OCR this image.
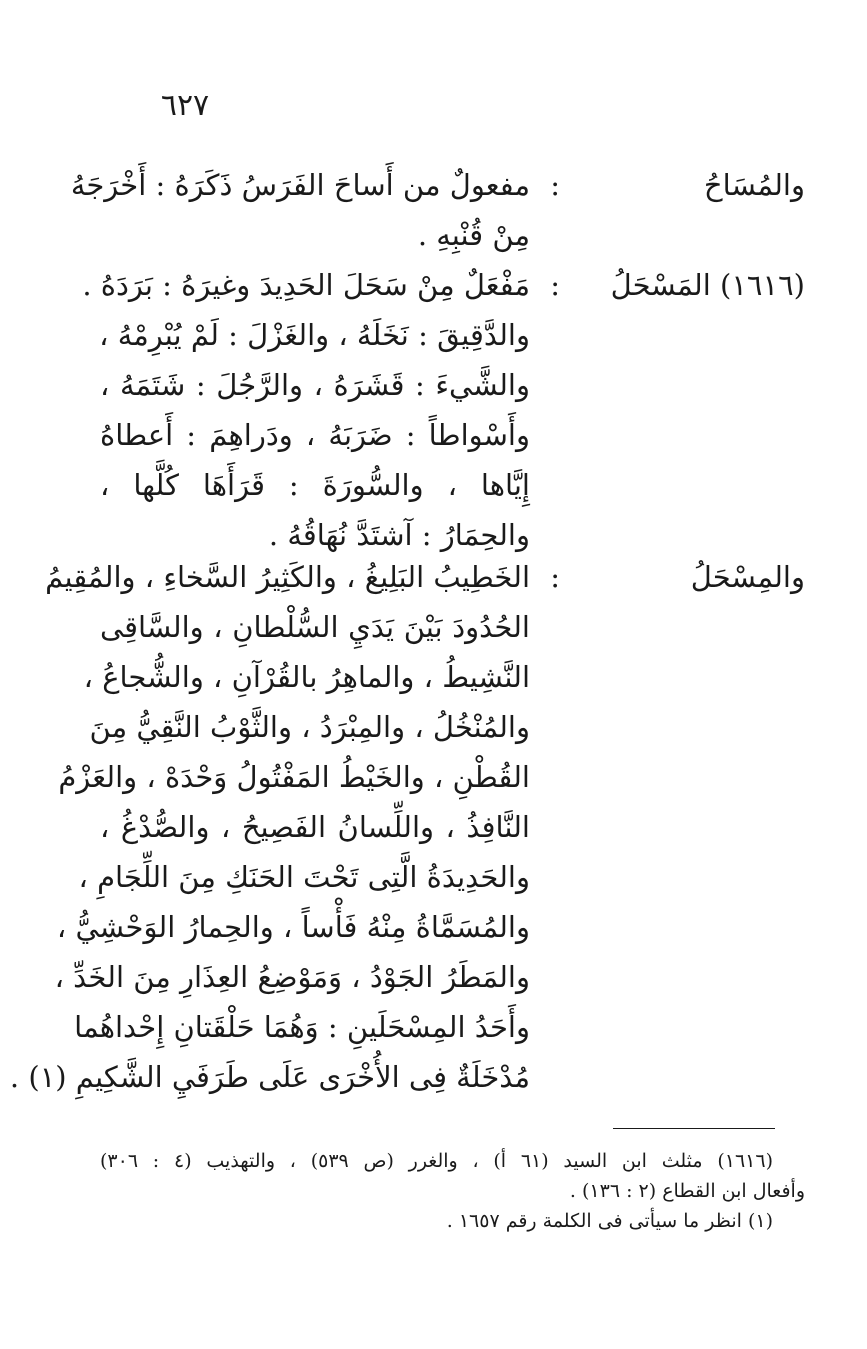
٦٢٧
والمُسَاحُ
:
مفعولٌ من أَساحَ الفَرَسُ ذَكَرَهُ : أَخْرَجَهُ
مِنْ قُنْبِهِ .
(١٦١٦) المَسْحَلُ
:
مَفْعَلٌ مِنْ سَحَلَ الحَدِيدَ وغيرَهُ : بَرَدَهُ .
والدَّقِيقَ : نَخَلَهُ ، والغَزْلَ : لَمْ يُبْرِمْهُ ،
والشَّيءَ : قَشَرَهُ ، والرَّجُلَ : شَتَمَهُ ،
وأَسْواطاً : ضَرَبَهُ ، ودَراهِمَ : أَعطاهُ
إِيَّاها ، والسُّورَةَ : قَرَأَهَا كُلَّها ،
والحِمَارُ : آشتَدَّ نُهَاقُهُ .
والمِسْحَلُ
:
الخَطِيبُ البَلِيغُ ، والكَثِيرُ السَّخاءِ ، والمُقِيمُ
الحُدُودَ بَيْنَ يَدَيِ السُّلْطانِ ، والسَّاقِى
النَّشِيطُ ، والماهِرُ بالقُرْآنِ ، والشُّجاعُ ،
والمُنْخُلُ ، والمِبْرَدُ ، والثَّوْبُ النَّقِيُّ مِنَ
القُطْنِ ، والخَيْطُ المَفْتُولُ وَحْدَهْ ، والعَزْمُ
النَّافِذُ ، واللِّسانُ الفَصِيحُ ، والصُّدْغُ ،
والحَدِيدَةُ الَّتِى تَحْتَ الحَنَكِ مِنَ اللِّجَامِ ،
والمُسَمَّاةُ مِنْهُ فَأْساً ، والحِمارُ الوَحْشِيُّ ،
والمَطَرُ الجَوْدُ ، وَمَوْضِعُ العِذَارِ مِنَ الخَدِّ ،
وأَحَدُ المِسْحَلَينِ : وَهُمَا حَلْقَتانِ إِحْداهُما
مُدْخَلَةٌ فِى الأُخْرَى عَلَى طَرَفَيِ الشَّكِيمِ (١) .
(١٦١٦) مثلث ابن السيد (٦١ أ) ، والغرر (ص ٥٣٩) ، والتهذيب (٤ : ٣٠٦)
وأفعال ابن القطاع (٢ : ١٣٦) .
(١) انظر ما سيأتى فى الكلمة رقم ١٦٥٧ .
